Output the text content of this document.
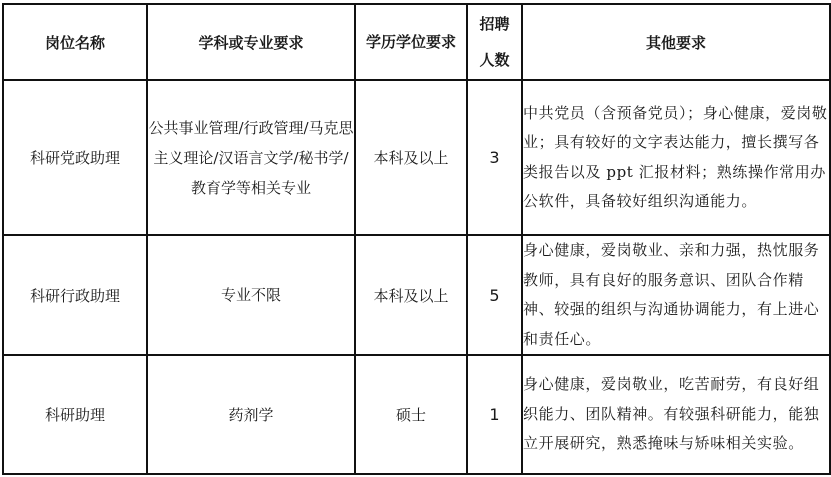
岗位名称	学科或专业要求	学历学位要求	招聘人数	其他要求
科研党政助理	公共事业管理/行政管理/马克思主义理论/汉语言文学/秘书学/教育学等相关专业	本科及以上	3	中共党员（含预备党员）；身心健康，爱岗敬业；具有较好的文字表达能力，擅长撰写各类报告以及 ppt 汇报材料；熟练操作常用办公软件，具备较好组织沟通能力。

科研行政助理	专业不限	本科及以上	5	身心健康，爱岗敬业、亲和力强，热忱服务教师，具有良好的服务意识、团队合作精神、较强的组织与沟通协调能力，有上进心和责任心。

科研助理	药剂学	硕士	1	身心健康，爱岗敬业，吃苦耐劳，有良好组织能力、团队精神。有较强科研能力，能独立开展研究，熟悉掩味与矫味相关实验。
